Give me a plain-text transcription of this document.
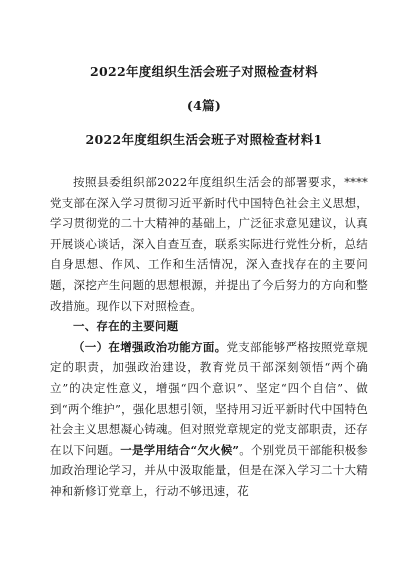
2022年度组织生活会班子对照检查材料
(4篇)
2022年度组织生活会班子对照检查材料1

按照县委组织部2022年度组织生活会的部署要求，****党支部在深入学习贯彻习近平新时代中国特色社会主义思想，学习贯彻党的二十大精神的基础上，广泛征求意见建议，认真开展谈心谈话，深入自查互查，联系实际进行党性分析，总结自身思想、作风、工作和生活情况，深入查找存在的主要问题，深挖产生问题的思想根源，并提出了今后努力的方向和整改措施。现作以下对照检查。

一、存在的主要问题

（一）在增强政治功能方面。党支部能够严格按照党章规定的职责，加强政治建设，教育党员干部深刻领悟“两个确立”的决定性意义，增强“四个意识”、坚定“四个自信”、做到“两个维护”，强化思想引领，坚持用习近平新时代中国特色社会主义思想凝心铸魂。但对照党章规定的党支部职责，还存在以下问题。一是学用结合“欠火候”。个别党员干部能积极参加政治理论学习，并从中汲取能量，但是在深入学习二十大精神和新修订党章上，行动不够迅速，花
